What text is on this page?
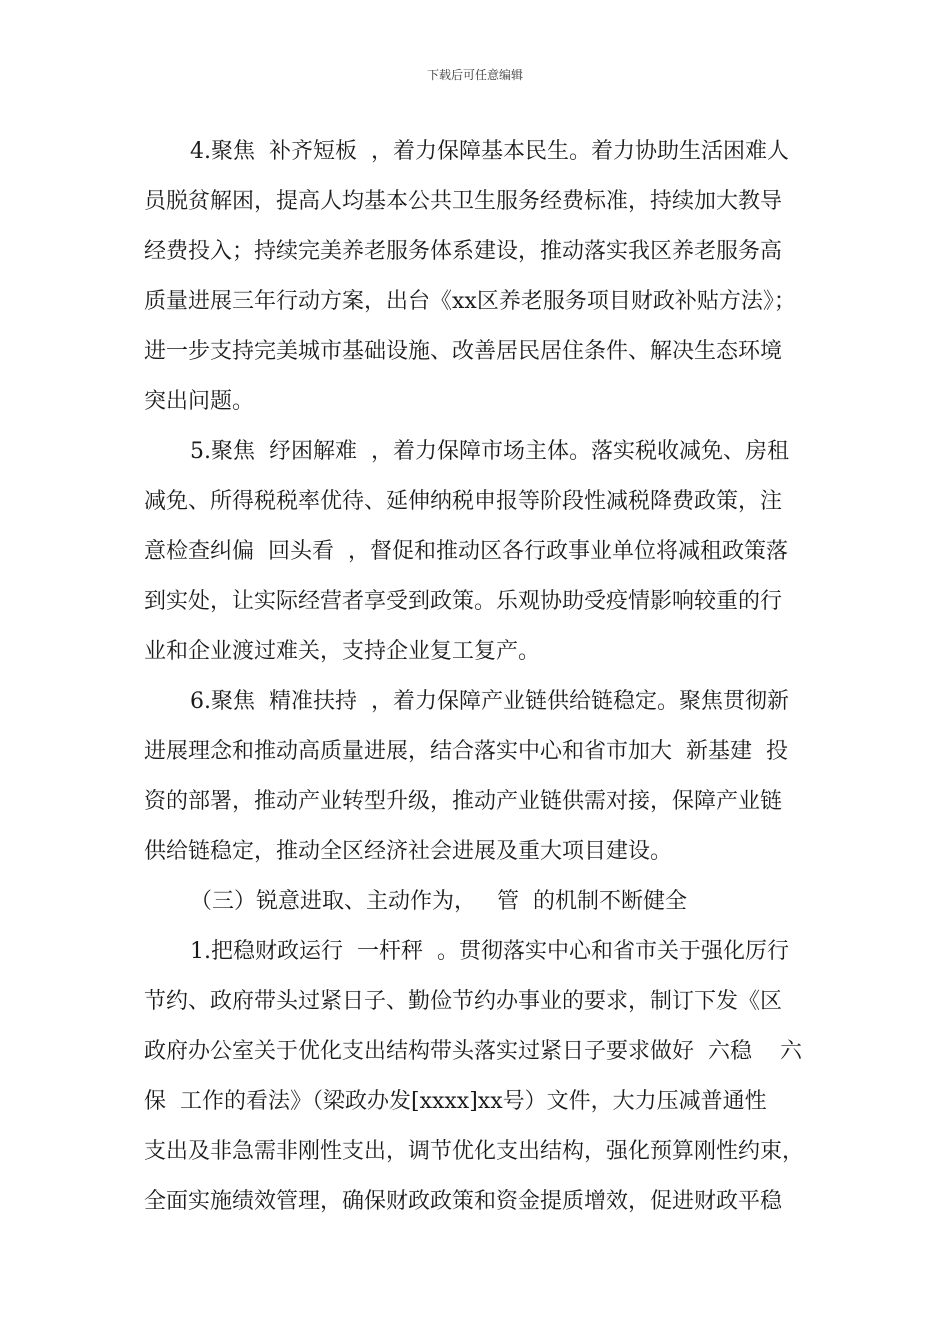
下载后可任意编辑
4.聚焦  补齐短板  ，着力保障基本民生。着力协助生活困难人
员脱贫解困，提高人均基本公共卫生服务经费标准，持续加大教导
经费投入；持续完美养老服务体系建设，推动落实我区养老服务高
质量进展三年行动方案，出台《xx区养老服务项目财政补贴方法》；
进一步支持完美城市基础设施、改善居民居住条件、解决生态环境
突出问题。
5.聚焦  纾困解难  ，着力保障市场主体。落实税收减免、房租
减免、所得税税率优待、延伸纳税申报等阶段性减税降费政策，注
意检查纠偏  回头看  ，督促和推动区各行政事业单位将减租政策落
到实处，让实际经营者享受到政策。乐观协助受疫情影响较重的行
业和企业渡过难关，支持企业复工复产。
6.聚焦  精准扶持  ，着力保障产业链供给链稳定。聚焦贯彻新
进展理念和推动高质量进展，结合落实中心和省市加大  新基建  投
资的部署，推动产业转型升级，推动产业链供需对接，保障产业链
供给链稳定，推动全区经济社会进展及重大项目建设。
（三）锐意进取、主动作为，   管  的机制不断健全
1.把稳财政运行  一杆秤  。贯彻落实中心和省市关于强化厉行
节约、政府带头过紧日子、勤俭节约办事业的要求，制订下发《区
政府办公室关于优化支出结构带头落实过紧日子要求做好  六稳    六
保  工作的看法》（梁政办发[xxxx]xx号）文件，大力压减普通性
支出及非急需非刚性支出，调节优化支出结构，强化预算刚性约束，
全面实施绩效管理，确保财政政策和资金提质增效，促进财政平稳
